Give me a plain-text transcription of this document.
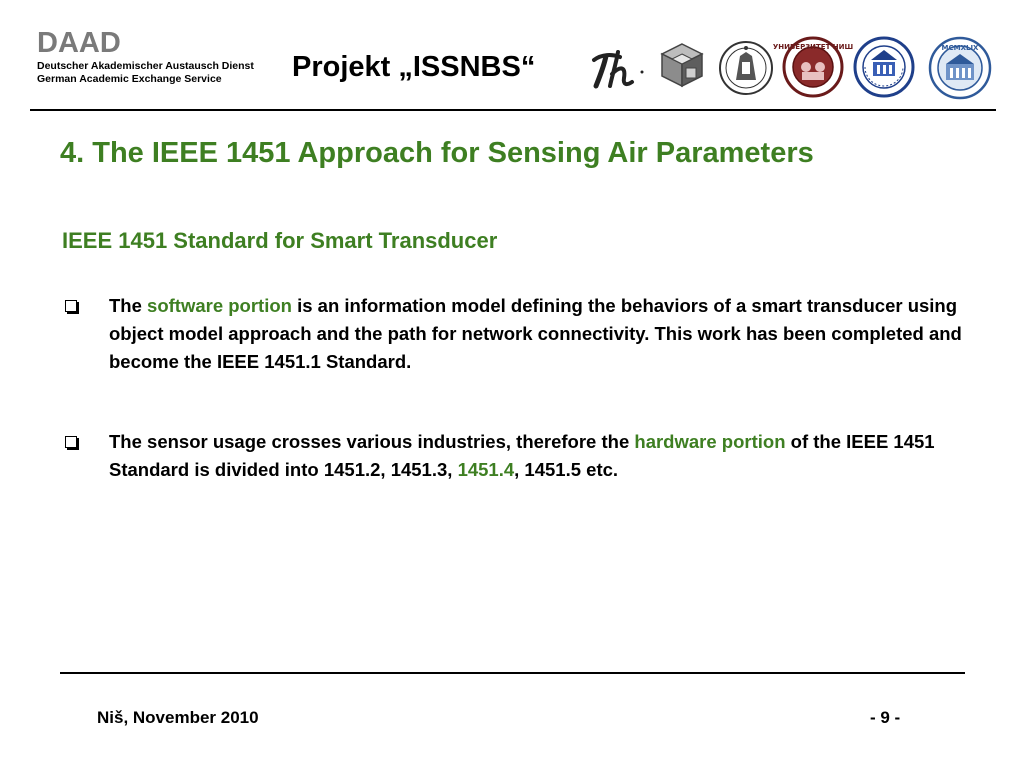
DAAD
Deutscher Akademischer Austausch Dienst
German Academic Exchange Service Projekt „ISSNBS“
УНИВЕРЗИТЕТ НИШ	MCMXLIX
4. The IEEE 1451 Approach for Sensing Air Parameters
IEEE 1451 Standard for Smart Transducer
The software portion is an information model defining the behaviors of a smart transducer using object model approach and the path for network connectivity. This work has been completed and become the IEEE 1451.1 Standard.
The sensor usage crosses various industries, therefore the hardware portion of the IEEE 1451 Standard is divided into 1451.2, 1451.3, 1451.4, 1451.5 etc.
Niš, November 2010	- 9 -
